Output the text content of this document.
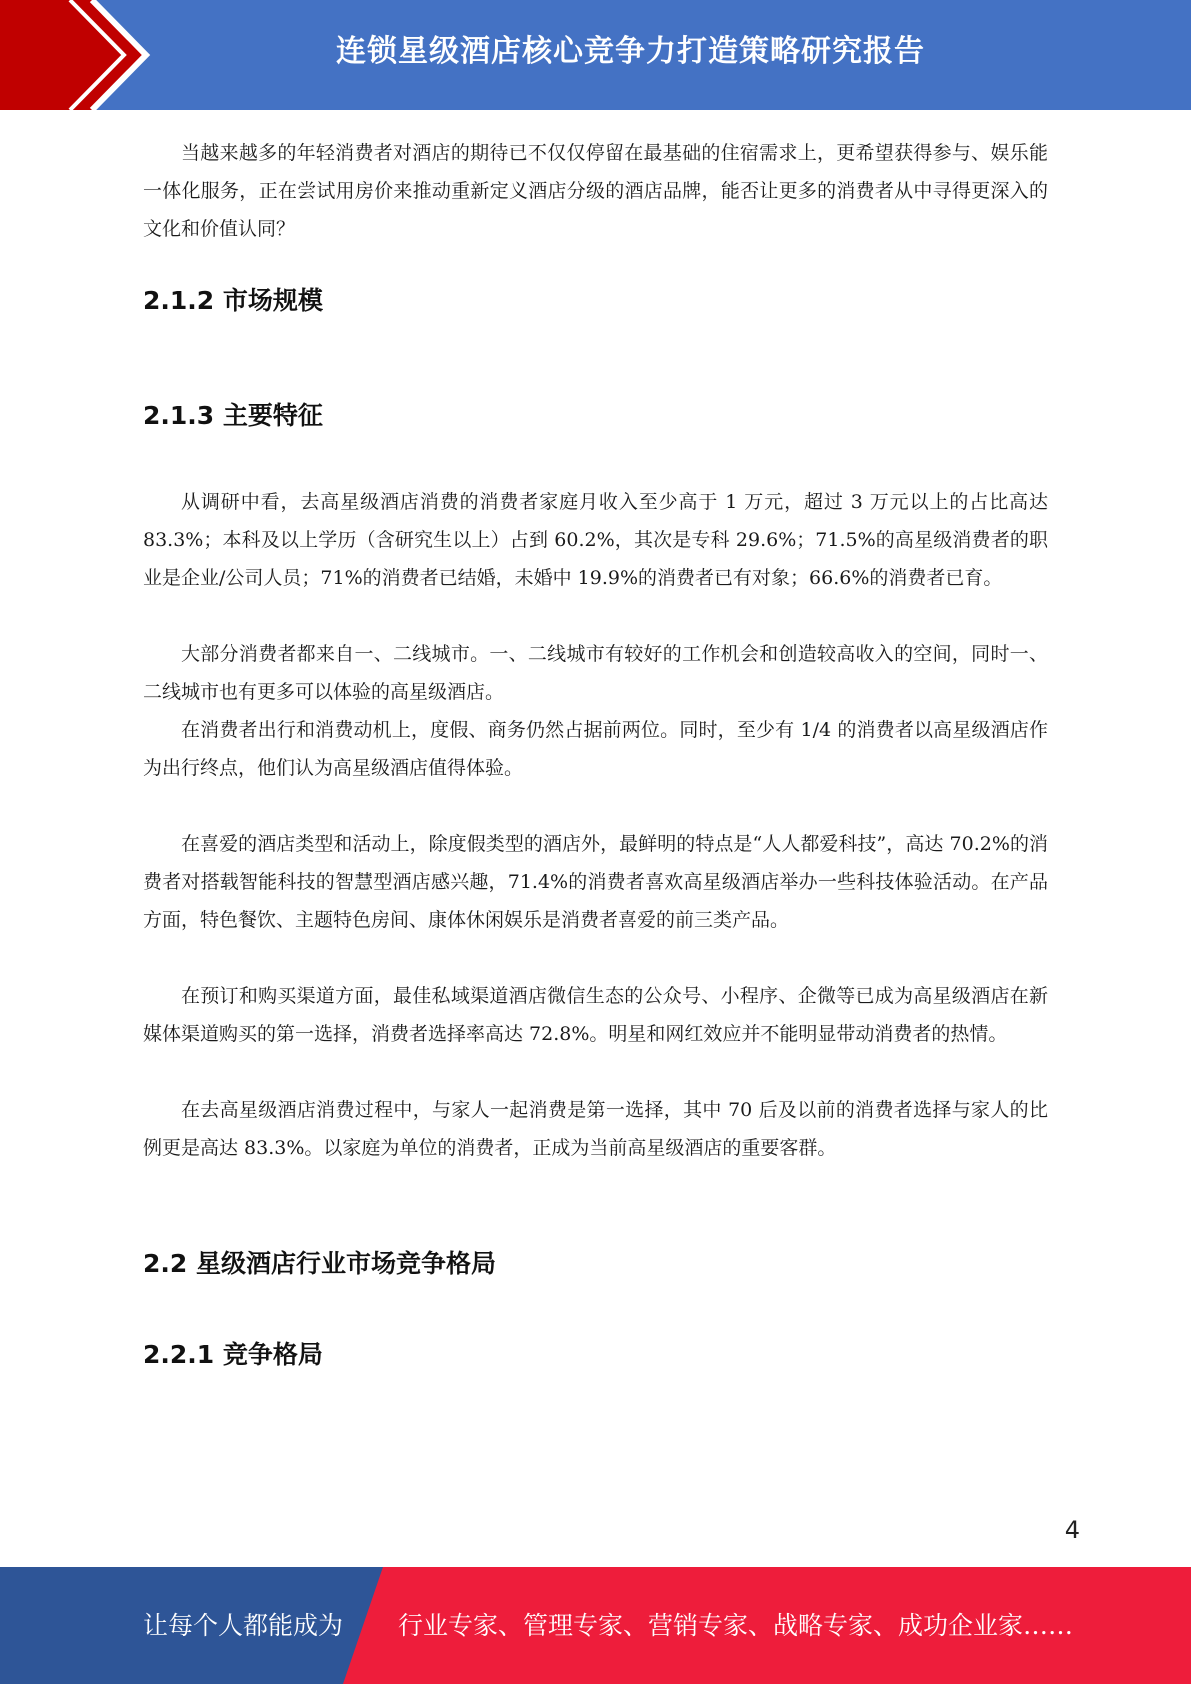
连锁星级酒店核心竞争力打造策略研究报告

当越来越多的年轻消费者对酒店的期待已不仅仅停留在最基础的住宿需求上，更希望获得参与、娱乐能一体化服务，正在尝试用房价来推动重新定义酒店分级的酒店品牌，能否让更多的消费者从中寻得更深入的文化和价值认同？

2.1.2 市场规模
2.1.3 主要特征

从调研中看，去高星级酒店消费的消费者家庭月收入至少高于 1 万元，超过 3 万元以上的占比高达 83.3%；本科及以上学历（含研究生以上）占到 60.2%，其次是专科 29.6%；71.5%的高星级消费者的职业是企业/公司人员；71%的消费者已结婚，未婚中 19.9%的消费者已有对象；66.6%的消费者已育。

大部分消费者都来自一、二线城市。一、二线城市有较好的工作机会和创造较高收入的空间，同时一、二线城市也有更多可以体验的高星级酒店。

在消费者出行和消费动机上，度假、商务仍然占据前两位。同时，至少有 1/4 的消费者以高星级酒店作为出行终点，他们认为高星级酒店值得体验。

在喜爱的酒店类型和活动上，除度假类型的酒店外，最鲜明的特点是“人人都爱科技”，高达 70.2%的消费者对搭载智能科技的智慧型酒店感兴趣，71.4%的消费者喜欢高星级酒店举办一些科技体验活动。在产品方面，特色餐饮、主题特色房间、康体休闲娱乐是消费者喜爱的前三类产品。

在预订和购买渠道方面，最佳私域渠道酒店微信生态的公众号、小程序、企微等已成为高星级酒店在新媒体渠道购买的第一选择，消费者选择率高达 72.8%。明星和网红效应并不能明显带动消费者的热情。

在去高星级酒店消费过程中，与家人一起消费是第一选择，其中 70 后及以前的消费者选择与家人的比例更是高达 83.3%。以家庭为单位的消费者，正成为当前高星级酒店的重要客群。

2.2 星级酒店行业市场竞争格局
2.2.1 竞争格局
4
让每个人都能成为 行业专家、管理专家、营销专家、战略专家、成功企业家……
